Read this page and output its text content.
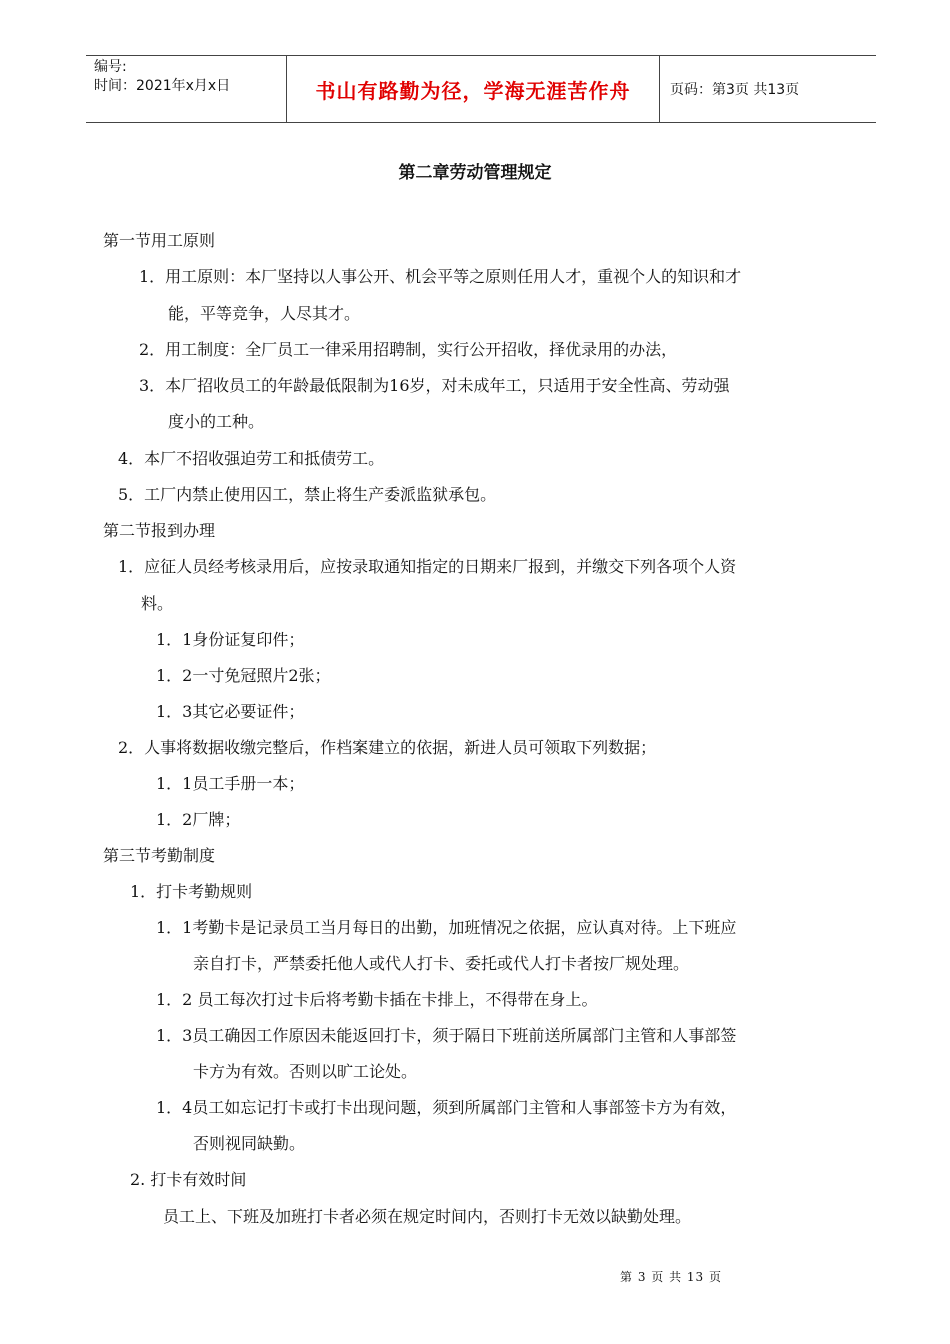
编号:
时间：2021年x月x日	书山有路勤为径，学海无涯苦作舟	页码：第3页 共13页
第二章劳动管理规定
第一节用工原则
1．用工原则：本厂坚持以人事公开、机会平等之原则任用人才，重视个人的知识和才
能，平等竞争，人尽其才。
2．用工制度：全厂员工一律采用招聘制，实行公开招收，择优录用的办法，
3．本厂招收员工的年龄最低限制为16岁，对未成年工，只适用于安全性高、劳动强
度小的工种。
4．本厂不招收强迫劳工和抵债劳工。
5．工厂内禁止使用囚工，禁止将生产委派监狱承包。
第二节报到办理
1．应征人员经考核录用后，应按录取通知指定的日期来厂报到，并缴交下列各项个人资
料。
1．1身份证复印件；
1．2一寸免冠照片2张；
1．3其它必要证件；
2．人事将数据收缴完整后，作档案建立的依据，新进人员可领取下列数据；
1．1员工手册一本；
1．2厂牌；
第三节考勤制度
1．打卡考勤规则
1．1考勤卡是记录员工当月每日的出勤，加班情况之依据，应认真对待。上下班应
亲自打卡，严禁委托他人或代人打卡、委托或代人打卡者按厂规处理。
1．2 员工每次打过卡后将考勤卡插在卡排上，不得带在身上。
1．3员工确因工作原因未能返回打卡，须于隔日下班前送所属部门主管和人事部签
卡方为有效。否则以旷工论处。
1．4员工如忘记打卡或打卡出现问题，须到所属部门主管和人事部签卡方为有效，
否则视同缺勤。
2. 打卡有效时间
员工上、下班及加班打卡者必须在规定时间内，否则打卡无效以缺勤处理。
第 3 页 共 13 页
